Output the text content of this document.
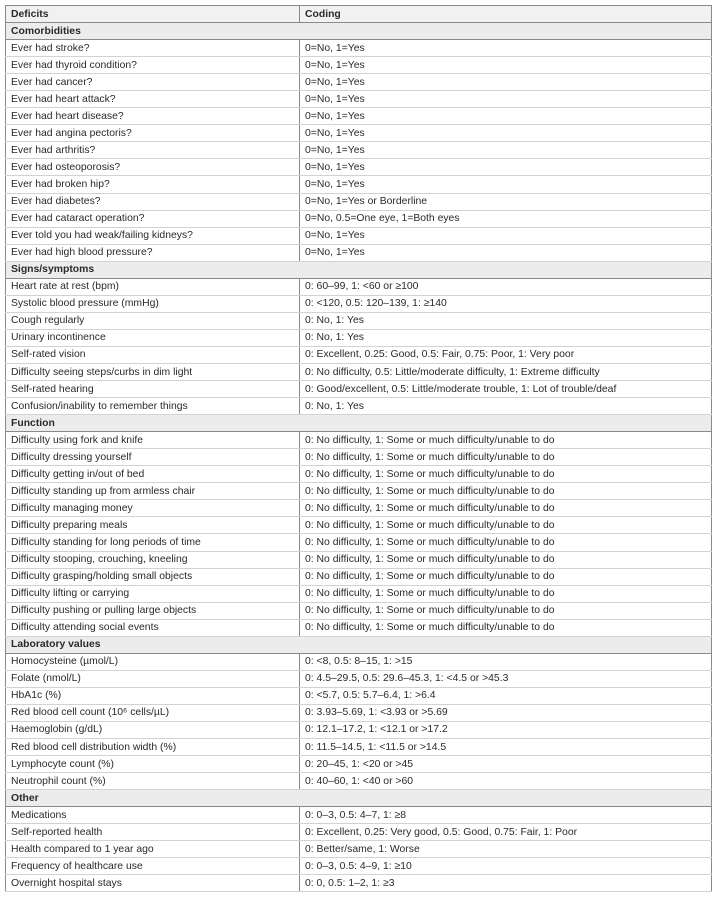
Deficits	Coding
Comorbidities	
Ever had stroke?	0=No, 1=Yes
Ever had thyroid condition?	0=No, 1=Yes
Ever had cancer?	0=No, 1=Yes
Ever had heart attack?	0=No, 1=Yes
Ever had heart disease?	0=No, 1=Yes
Ever had angina pectoris?	0=No, 1=Yes
Ever had arthritis?	0=No, 1=Yes
Ever had osteoporosis?	0=No, 1=Yes
Ever had broken hip?	0=No, 1=Yes
Ever had diabetes?	0=No, 1=Yes or Borderline
Ever had cataract operation?	0=No, 0.5=One eye, 1=Both eyes
Ever told you had weak/failing kidneys?	0=No, 1=Yes
Ever had high blood pressure?	0=No, 1=Yes
Signs/symptoms	
Heart rate at rest (bpm)	0: 60–99, 1: <60 or ≥100
Systolic blood pressure (mmHg)	0: <120, 0.5: 120–139, 1: ≥140
Cough regularly	0: No, 1: Yes
Urinary incontinence	0: No, 1: Yes
Self-rated vision	0: Excellent, 0.25: Good, 0.5: Fair, 0.75: Poor, 1: Very poor
Difficulty seeing steps/curbs in dim light	0: No difficulty, 0.5: Little/moderate difficulty, 1: Extreme difficulty
Self-rated hearing	0: Good/excellent, 0.5: Little/moderate trouble, 1: Lot of trouble/deaf
Confusion/inability to remember things	0: No, 1: Yes
Function	
Difficulty using fork and knife	0: No difficulty, 1: Some or much difficulty/unable to do
Difficulty dressing yourself	0: No difficulty, 1: Some or much difficulty/unable to do
Difficulty getting in/out of bed	0: No difficulty, 1: Some or much difficulty/unable to do
Difficulty standing up from armless chair	0: No difficulty, 1: Some or much difficulty/unable to do
Difficulty managing money	0: No difficulty, 1: Some or much difficulty/unable to do
Difficulty preparing meals	0: No difficulty, 1: Some or much difficulty/unable to do
Difficulty standing for long periods of time	0: No difficulty, 1: Some or much difficulty/unable to do
Difficulty stooping, crouching, kneeling	0: No difficulty, 1: Some or much difficulty/unable to do
Difficulty grasping/holding small objects	0: No difficulty, 1: Some or much difficulty/unable to do
Difficulty lifting or carrying	0: No difficulty, 1: Some or much difficulty/unable to do
Difficulty pushing or pulling large objects	0: No difficulty, 1: Some or much difficulty/unable to do
Difficulty attending social events	0: No difficulty, 1: Some or much difficulty/unable to do
Laboratory values	
Homocysteine (µmol/L)	0: <8, 0.5: 8–15, 1: >15
Folate (nmol/L)	0: 4.5–29.5, 0.5: 29.6–45.3, 1: <4.5 or >45.3
HbA1c (%)	0: <5.7, 0.5: 5.7–6.4, 1: >6.4
Red blood cell count (10⁶ cells/µL)	0: 3.93–5.69, 1: <3.93 or >5.69
Haemoglobin (g/dL)	0: 12.1–17.2, 1: <12.1 or >17.2
Red blood cell distribution width (%)	0: 11.5–14.5, 1: <11.5 or >14.5
Lymphocyte count (%)	0: 20–45, 1: <20 or >45
Neutrophil count (%)	0: 40–60, 1: <40 or >60
Other	
Medications	0: 0–3, 0.5: 4–7, 1: ≥8
Self-reported health	0: Excellent, 0.25: Very good, 0.5: Good, 0.75: Fair, 1: Poor
Health compared to 1 year ago	0: Better/same, 1: Worse
Frequency of healthcare use	0: 0–3, 0.5: 4–9, 1: ≥10
Overnight hospital stays	0: 0, 0.5: 1–2, 1: ≥3
